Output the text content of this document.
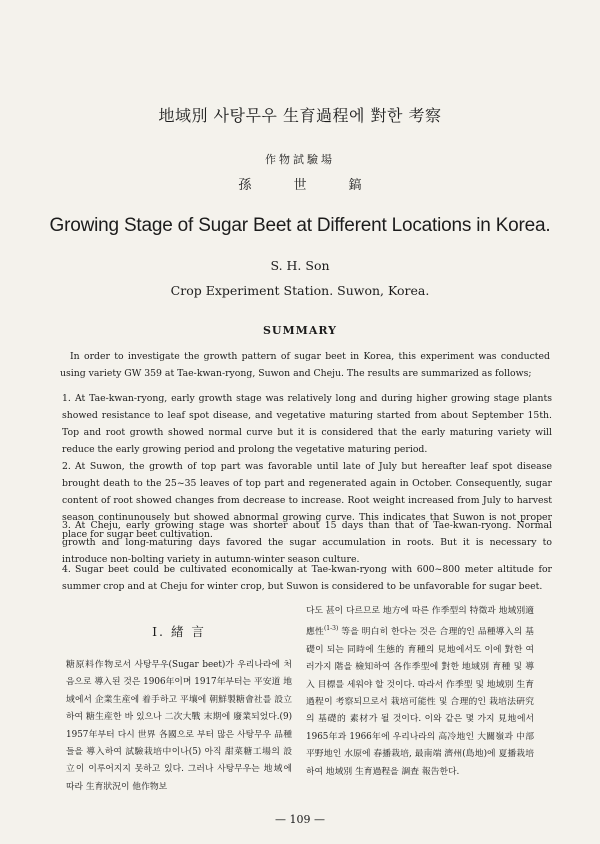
地域別 사탕무우 生育過程에 對한 考察
作物試驗場
孫 世 鎬
Growing Stage of Sugar Beet at Different Locations in Korea.
S. H. Son
Crop Experiment Station. Suwon, Korea.
SUMMARY
In order to investigate the growth pattern of sugar beet in Korea, this experiment was conducted using variety GW 359 at Tae-kwan-ryong, Suwon and Cheju. The results are summarized as follows;
1. At Tae-kwan-ryong, early growth stage was relatively long and during higher growing stage plants showed resistance to leaf spot disease, and vegetative maturing started from about September 15th. Top and root growth showed normal curve but it is considered that the early maturing variety will reduce the early growing period and prolong the vegetative maturing period.
2. At Suwon, the growth of top part was favorable until late of July but hereafter leaf spot disease brought death to the 25~35 leaves of top part and regenerated again in October. Consequently, sugar content of root showed changes from decrease to increase. Root weight increased from July to harvest season continunousely but showed abnormal growing curve. This indicates that Suwon is not proper place for sugar beet cultivation.
3. At Cheju, early growing stage was shorter about 15 days than that of Tae-kwan-ryong. Normal growth and long-maturing days favored the sugar accumulation in roots. But it is necessary to introduce non-bolting variety in autumn-winter season culture.
4. Sugar beet could be cultivated economically at Tae-kwan-ryong with 600~800 meter altitude for summer crop and at Cheju for winter crop, but Suwon is considered to be unfavorable for sugar beet.
I. 緖 言
糖原料作物로서 사탕무우(Sugar beet)가 우리나라에 처음으로 導入된 것은 1906年이며 1917年부터는 平安道 地域에서 企業生産에 着手하고 平壤에 朝鮮製糖會社를 設立하여 糖生産한 바 있으나 二次大戰 末期에 廢業되었다.(9) 1957年부터 다시 世界 各國으로 부터 많은 사탕무우 品種들을 導入하여 試驗栽培中이나(5) 아직 甜菜糖工場의 設立이 이루어지지 못하고 있다. 그러나 사탕무우는 地域에 따라 生育狀況이 他作物보
다도 甚이 다르므로 地方에 따른 作季型의 特徵과 地域別適應性$^{(1-3)}$ 等을 明白히 한다는 것은 合理的인 品種導入의 基礎이 되는 同時에 生態的 育種의 見地에서도 이에 對한 여러가지 階을 檢知하여 各作季型에 對한 地域別 育種 및 導入 目標를 세워야 할 것이다. 따라서 作季型 및 地域別 生育過程이 考察되므로서 栽培可能性 및 合理的인 栽培法硏究의 基礎的 素材가 될 것이다. 이와 같은 몇 가지 見地에서 1965年과 1966年에 우리나라의 高冷地인 大關嶺과 中部平野地인 水原에 春播栽培, 最南端 濟州(島地)에 夏播栽培하여 地域別 生育過程을 調査 報告한다.
— 109 —
